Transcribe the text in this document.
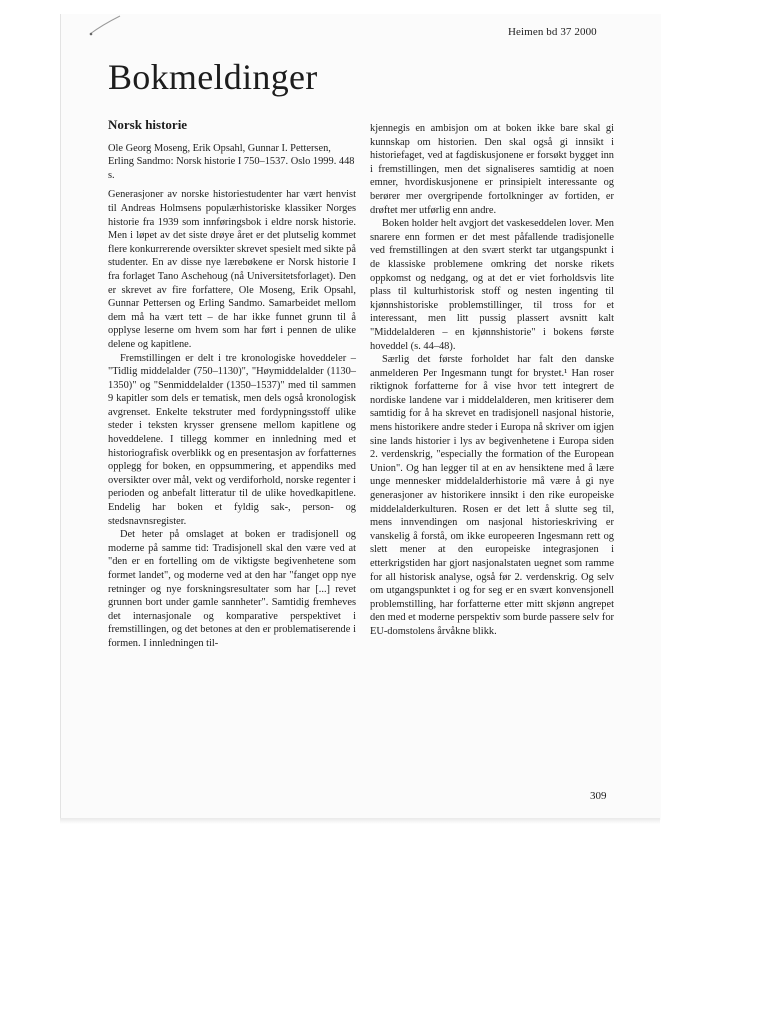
Heimen bd 37 2000
Bokmeldinger

Norsk historie

Ole Georg Moseng, Erik Opsahl, Gunnar I. Pettersen, Erling Sandmo: Norsk historie I 750–1537. Oslo 1999. 448 s.

Generasjoner av norske historiestudenter har vært henvist til Andreas Holmsens populærhistoriske klassiker Norges historie fra 1939 som innføringsbok i eldre norsk historie. Men i løpet av det siste drøye året er det plutselig kommet flere konkurrerende oversikter skrevet spesielt med sikte på studenter. En av disse nye lærebøkene er Norsk historie I fra forlaget Tano Aschehoug (nå Universitetsforlaget). Den er skrevet av fire forfattere, Ole Moseng, Erik Opsahl, Gunnar Pettersen og Erling Sandmo. Samarbeidet mellom dem må ha vært tett – de har ikke funnet grunn til å opplyse leserne om hvem som har ført i pennen de ulike delene og kapitlene.

Fremstillingen er delt i tre kronologiske hoveddeler – "Tidlig middelalder (750–1130)", "Høymiddelalder (1130–1350)" og "Senmiddelalder (1350–1537)" med til sammen 9 kapitler som dels er tematisk, men dels også kronologisk avgrenset. Enkelte tekstruter med fordypningsstoff ulike steder i teksten krysser grensene mellom kapitlene og hoveddelene. I tillegg kommer en innledning med et historiografisk overblikk og en presentasjon av forfatternes opplegg for boken, en oppsummering, et appendiks med oversikter over mål, vekt og verdiforhold, norske regenter i perioden og anbefalt litteratur til de ulike hovedkapitlene. Endelig har boken et fyldig sak-, person- og stedsnavnsregister.

Det heter på omslaget at boken er tradisjonell og moderne på samme tid: Tradisjonell skal den være ved at "den er en fortelling om de viktigste begivenhetene som formet landet", og moderne ved at den har "fanget opp nye retninger og nye forskningsresultater som har [...] revet grunnen bort under gamle sannheter". Samtidig fremheves det internasjonale og komparative perspektivet i fremstillingen, og det betones at den er problematiserende i formen. I innledningen til-

kjennegis en ambisjon om at boken ikke bare skal gi kunnskap om historien. Den skal også gi innsikt i historiefaget, ved at fagdiskusjonene er forsøkt bygget inn i fremstillingen, men det signaliseres samtidig at noen emner, hvordiskusjonene er prinsipielt interessante og berører mer overgripende fortolkninger av fortiden, er drøftet mer utførlig enn andre.

Boken holder helt avgjort det vaskeseddelen lover. Men snarere enn formen er det mest påfallende tradisjonelle ved fremstillingen at den svært sterkt tar utgangspunkt i de klassiske problemene omkring det norske rikets oppkomst og nedgang, og at det er viet forholdsvis lite plass til kulturhistorisk stoff og nesten ingenting til kjønnshistoriske problemstillinger, til tross for et interessant, men litt pussig plassert avsnitt kalt "Middelalderen – en kjønnshistorie" i bokens første hoveddel (s. 44–48).

Særlig det første forholdet har falt den danske anmelderen Per Ingesmann tungt for brystet.¹ Han roser riktignok forfatterne for å vise hvor tett integrert de nordiske landene var i middelalderen, men kritiserer dem samtidig for å ha skrevet en tradisjonell nasjonal historie, mens historikere andre steder i Europa nå skriver om igjen sine lands historier i lys av begivenhetene i Europa siden 2. verdenskrig, "especially the formation of the European Union". Og han legger til at en av hensiktene med å lære unge mennesker middelalderhistorie må være å gi nye generasjoner av historikere innsikt i den rike europeiske middelalderkulturen. Rosen er det lett å slutte seg til, mens innvendingen om nasjonal historieskriving er vanskelig å forstå, om ikke europeeren Ingesmann rett og slett mener at den europeiske integrasjonen i etterkrigstiden har gjort nasjonalstaten uegnet som ramme for all historisk analyse, også før 2. verdenskrig. Og selv om utgangspunktet i og for seg er en svært konvensjonell problemstilling, har forfatterne etter mitt skjønn angrepet den med et moderne perspektiv som burde passere selv for EU-domstolens årvåkne blikk.

309
